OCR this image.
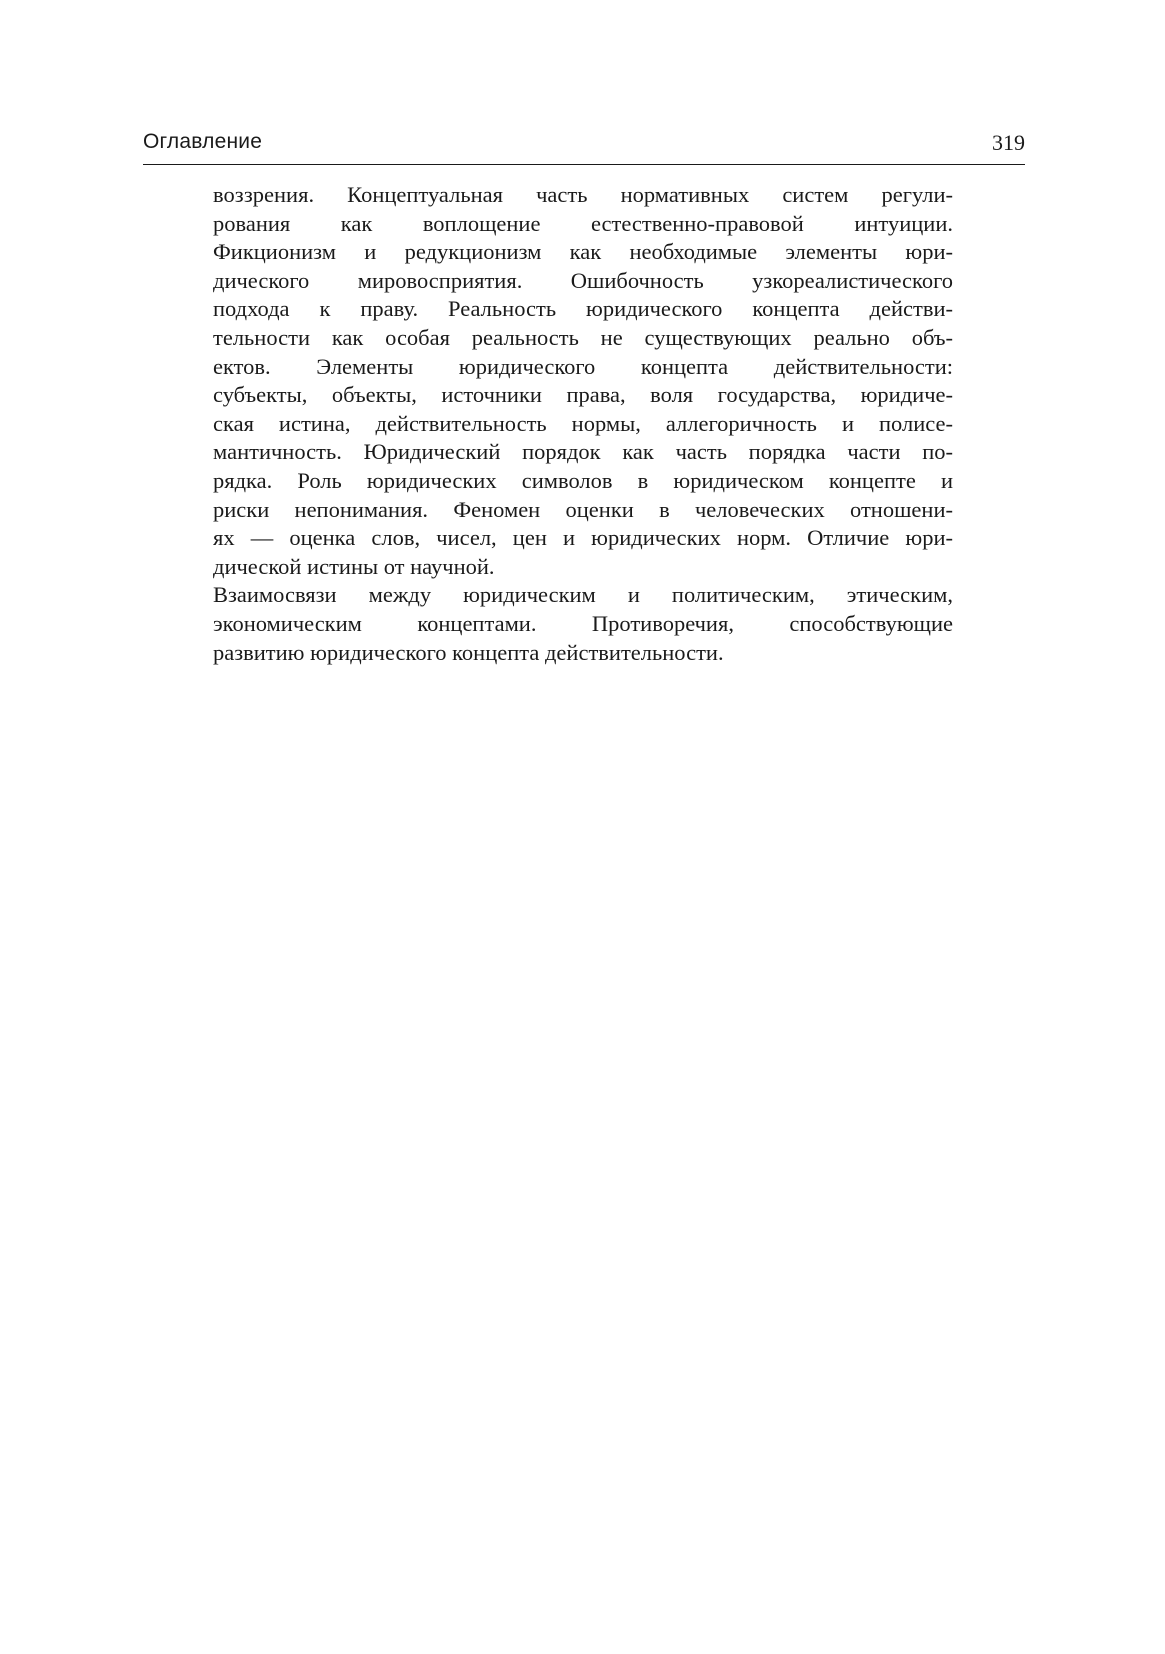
Оглавление	319
воззрения. Концептуальная часть нормативных систем регули-
рования как воплощение естественно-правовой интуиции.
Фикционизм и редукционизм как необходимые элементы юри-
дического мировосприятия. Ошибочность узкореалистического
подхода к праву. Реальность юридического концепта действи-
тельности как особая реальность не существующих реально объ-
ектов. Элементы юридического концепта действительности:
субъекты, объекты, источники права, воля государства, юридиче-
ская истина, действительность нормы, аллегоричность и полисе-
мантичность. Юридический порядок как часть порядка части по-
рядка. Роль юридических символов в юридическом концепте и
риски непонимания. Феномен оценки в человеческих отношени-
ях — оценка слов, чисел, цен и юридических норм. Отличие юри-
дической истины от научной.
Взаимосвязи между юридическим и политическим, этическим,
экономическим концептами. Противоречия, способствующие
развитию юридического концепта действительности.
